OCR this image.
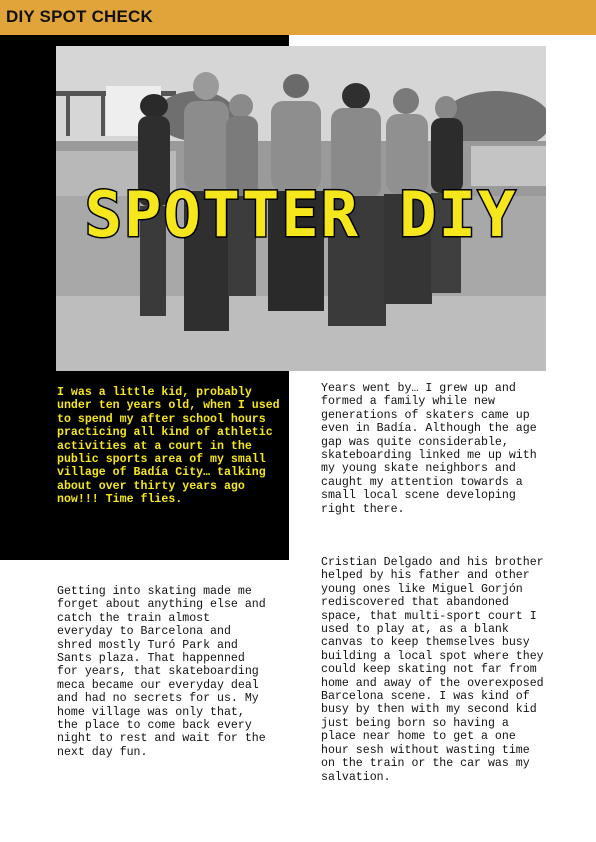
DIY SPOT CHECK
SPOTTER DIY

I was a little kid, probably under ten years old, when I used to spend my after school hours practicing all kind of athletic activities at a court in the public sports area of my small village of Badía City… talking about over thirty years ago now!!! Time flies.

Getting into skating made me forget about anything else and catch the train almost everyday to Barcelona and shred mostly Turó Park and Sants plaza. That happenned for years, that skateboarding meca became our everyday deal and had no secrets for us. My home village was only that, the place to come back every night to rest and wait for the next day fun.

Years went by… I grew up and formed a family while new generations of skaters came up even in Badía. Although the age gap was quite considerable, skateboarding linked me up with my young skate neighbors and caught my attention towards a small local scene developing right there.

Cristian Delgado and his brother helped by his father and other young ones like Miguel Gorjón rediscovered that abandoned space, that multi-sport court I used to play at, as a blank canvas to keep themselves busy building a local spot where they could keep skating not far from home and away of the overexposed Barcelona scene. I was kind of busy by then with my second kid just being born so having a place near home to get a one hour sesh without wasting time on the train or the car was my salvation.
